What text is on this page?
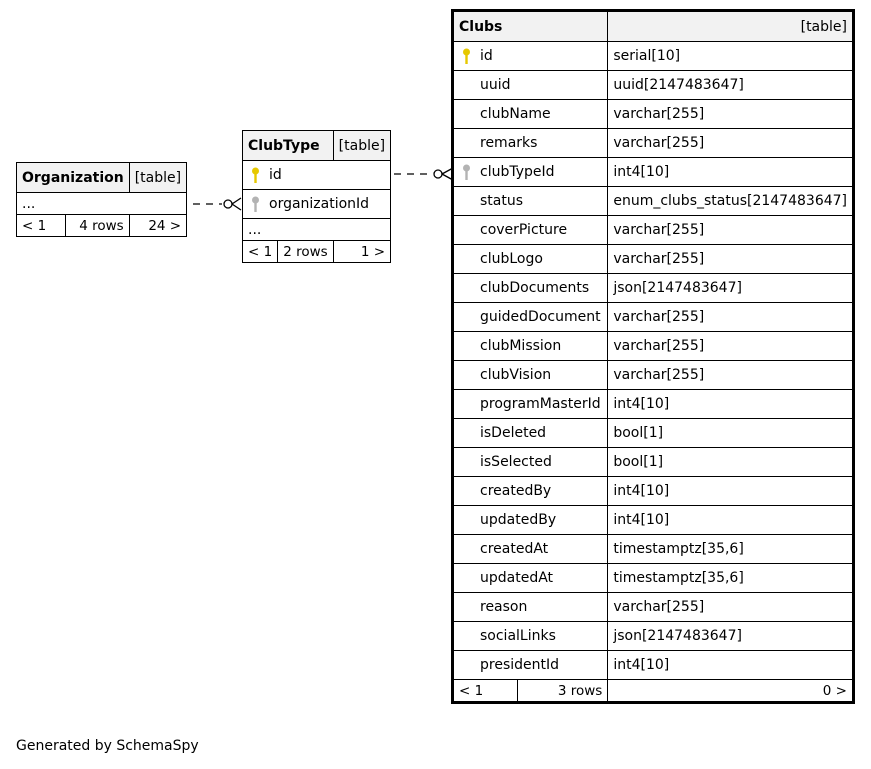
Organization		[table]
...		
< 1	4 rows	24 >
ClubType		[table]

id		

organizationId		
...		
< 1	2 rows	1 >
Clubs		[table]

id		serial[10]
uuid		uuid[2147483647]
clubName		varchar[255]
remarks		varchar[255]

clubTypeId		int4[10]
status		enum_clubs_status[2147483647]
coverPicture		varchar[255]
clubLogo		varchar[255]
clubDocuments		json[2147483647]
guidedDocument		varchar[255]
clubMission		varchar[255]
clubVision		varchar[255]
programMasterId		int4[10]
isDeleted		bool[1]
isSelected		bool[1]
createdBy		int4[10]
updatedBy		int4[10]
createdAt		timestamptz[35,6]
updatedAt		timestamptz[35,6]
reason		varchar[255]
socialLinks		json[2147483647]
presidentId		int4[10]
< 1	3 rows	0 >
Generated by SchemaSpy
